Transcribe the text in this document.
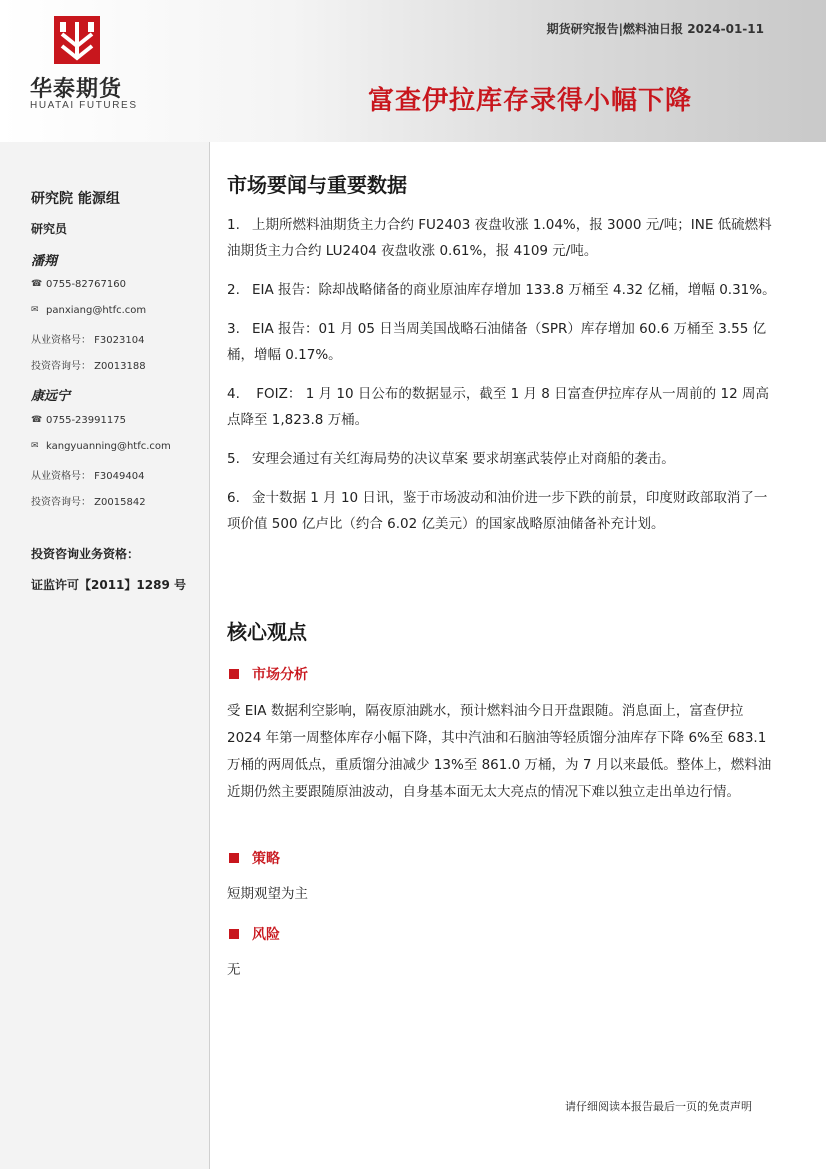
华泰期货
HUATAI FUTURES
期货研究报告|燃料油日报 2024-01-11
富查伊拉库存录得小幅下降
研究院 能源组
研究员
潘翔
☎ 0755-82767160
✉ panxiang@htfc.com
从业资格号： F3023104
投资咨询号： Z0013188
康远宁
☎ 0755-23991175
✉ kangyuanning@htfc.com
从业资格号： F3049404
投资咨询号： Z0015842
投资咨询业务资格：
证监许可【2011】1289 号
市场要闻与重要数据
1. 上期所燃料油期货主力合约 FU2403 夜盘收涨 1.04%，报 3000 元/吨；INE 低硫燃料油期货主力合约 LU2404 夜盘收涨 0.61%，报 4109 元/吨。
2. EIA 报告：除却战略储备的商业原油库存增加 133.8 万桶至 4.32 亿桶，增幅 0.31%。
3. EIA 报告：01 月 05 日当周美国战略石油储备（SPR）库存增加 60.6 万桶至 3.55 亿桶，增幅 0.17%。
4. FOIZ： 1 月 10 日公布的数据显示，截至 1 月 8 日富查伊拉库存从一周前的 12 周高点降至 1,823.8 万桶。
5. 安理会通过有关红海局势的决议草案 要求胡塞武装停止对商船的袭击。
6. 金十数据 1 月 10 日讯，鉴于市场波动和油价进一步下跌的前景，印度财政部取消了一项价值 500 亿卢比（约合 6.02 亿美元）的国家战略原油储备补充计划。
核心观点
市场分析
受 EIA 数据利空影响，隔夜原油跳水，预计燃料油今日开盘跟随。消息面上，富查伊拉 2024 年第一周整体库存小幅下降，其中汽油和石脑油等轻质馏分油库存下降 6%至 683.1 万桶的两周低点，重质馏分油减少 13%至 861.0 万桶，为 7 月以来最低。整体上，燃料油近期仍然主要跟随原油波动，自身基本面无太大亮点的情况下难以独立走出单边行情。
策略
短期观望为主
风险
无
请仔细阅读本报告最后一页的免责声明
